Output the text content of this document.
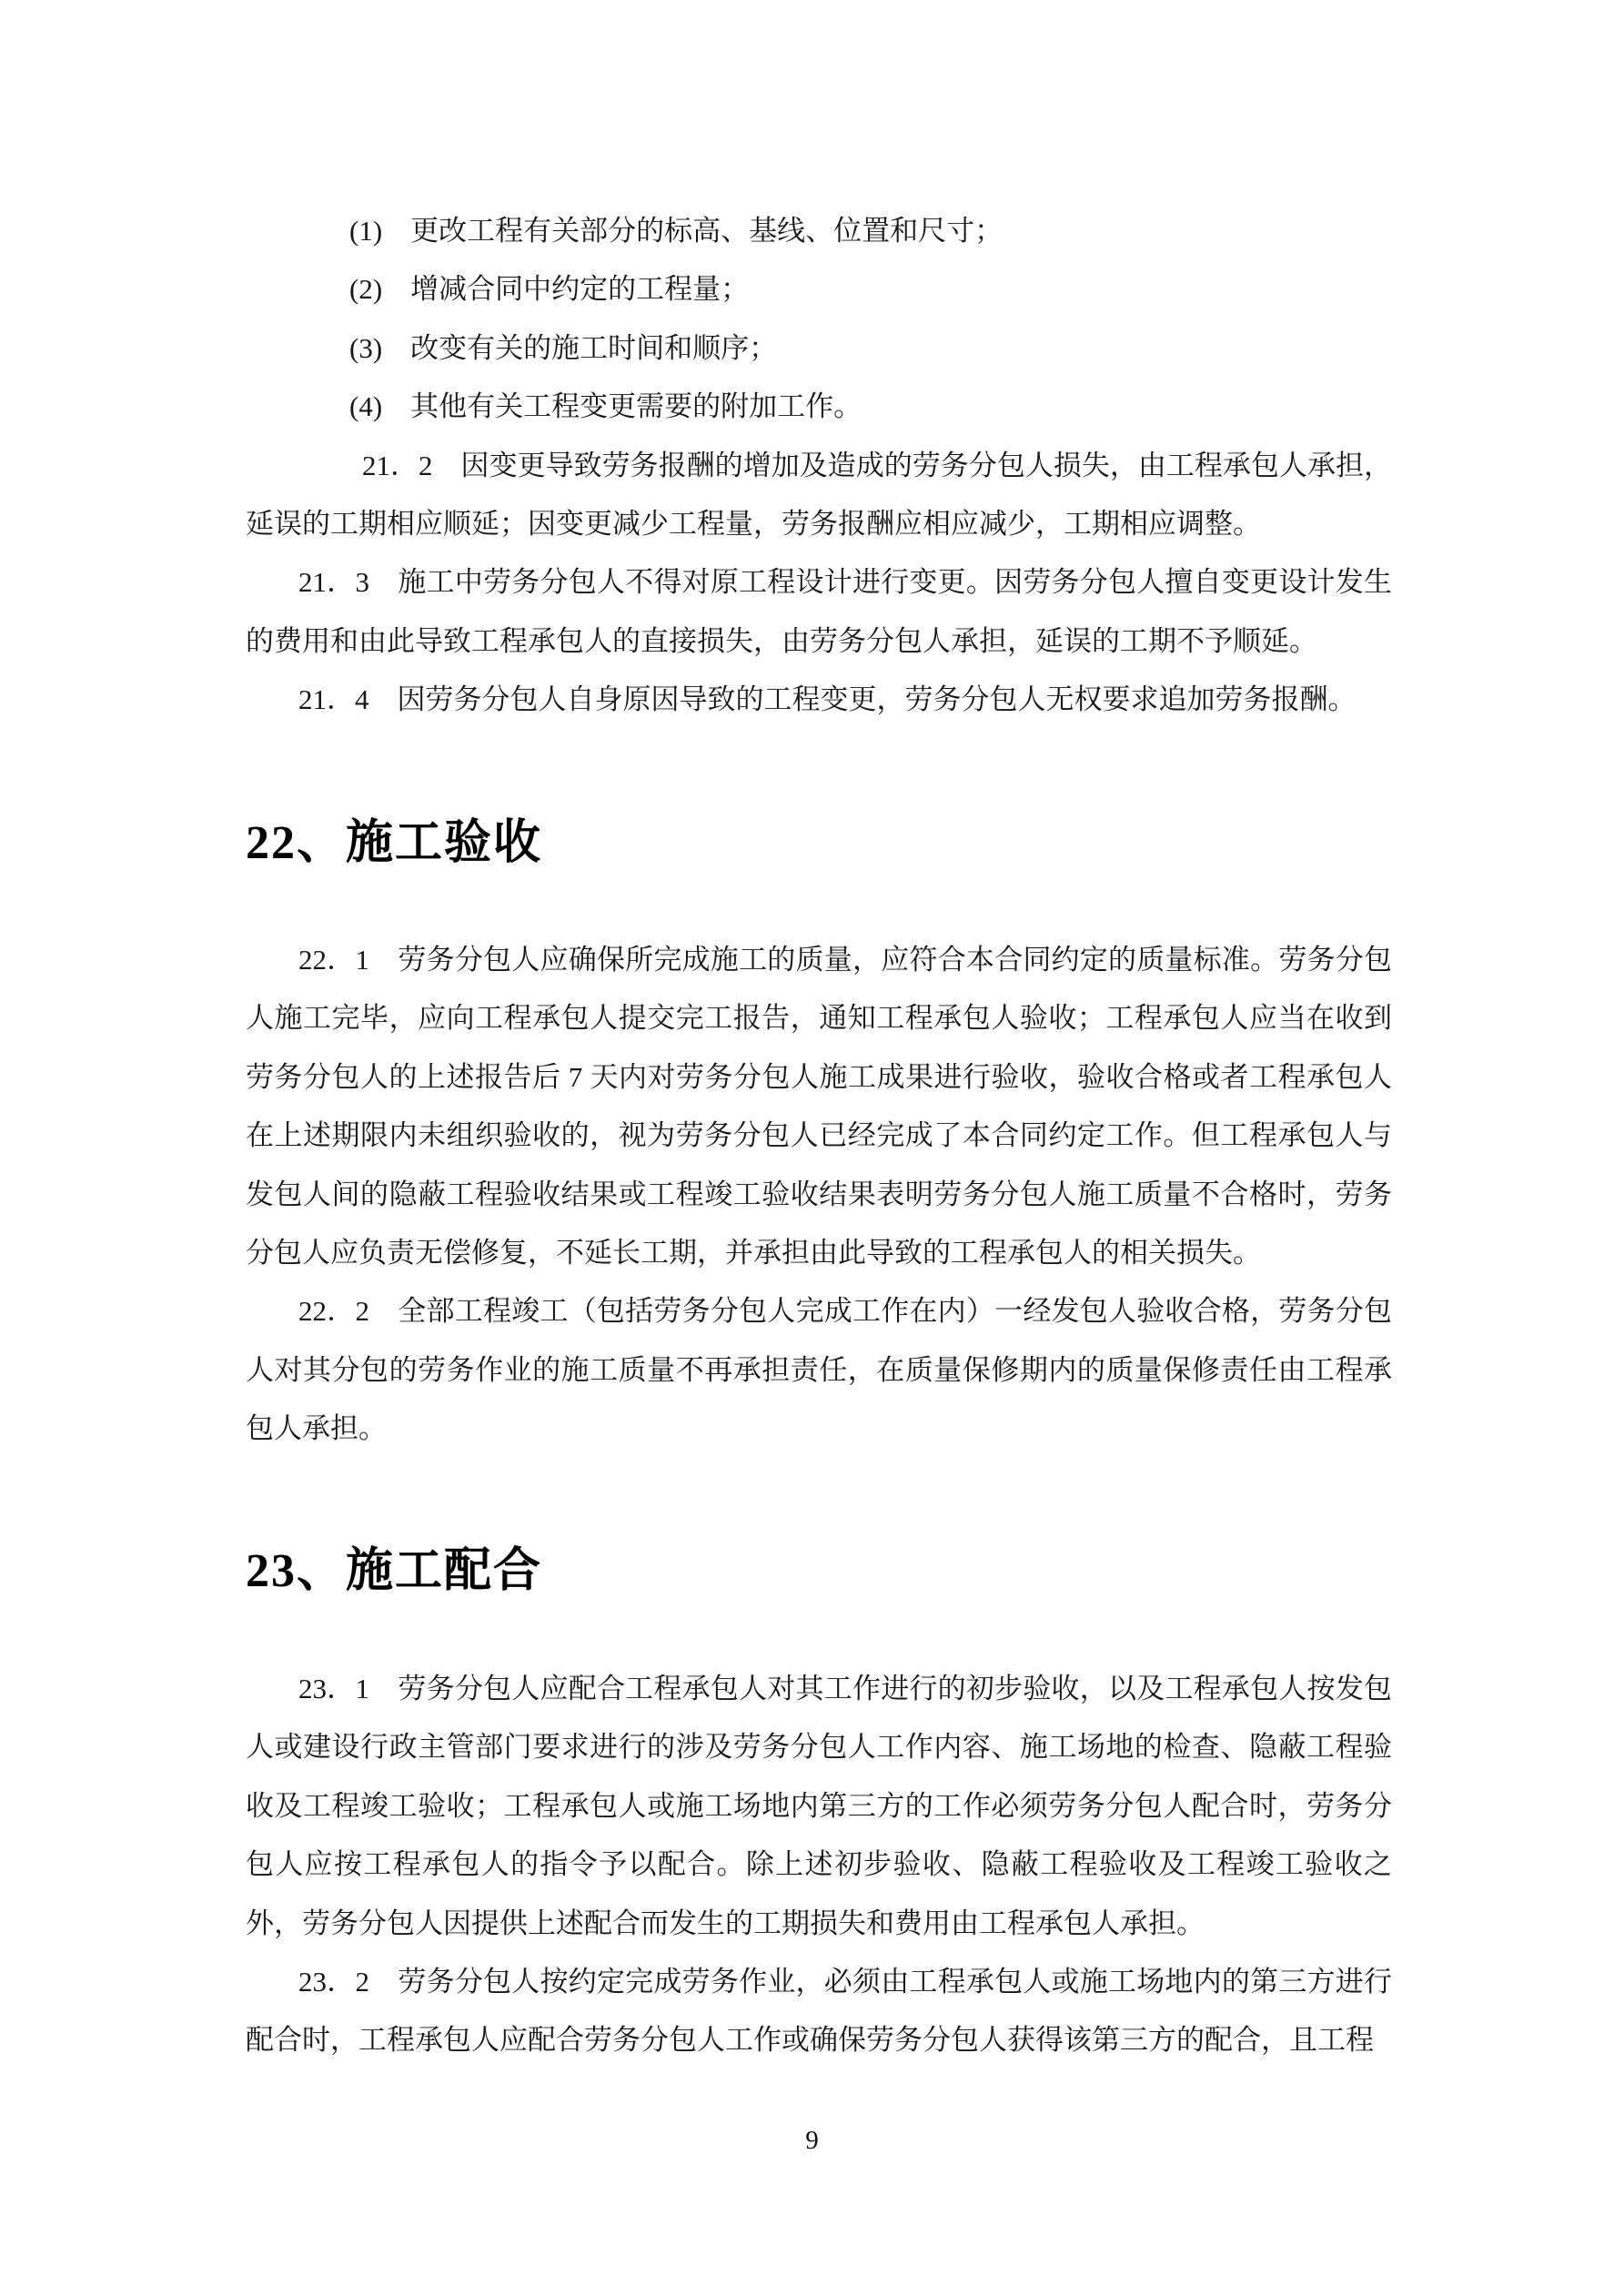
(1)　更改工程有关部分的标高、基线、位置和尺寸；
(2)　增减合同中约定的工程量；
(3)　改变有关的施工时间和顺序；
(4)　其他有关工程变更需要的附加工作。

21．2　因变更导致劳务报酬的增加及造成的劳务分包人损失，由工程承包人承担，延误的工期相应顺延；因变更减少工程量，劳务报酬应相应减少，工期相应调整。

21．3　施工中劳务分包人不得对原工程设计进行变更。因劳务分包人擅自变更设计发生的费用和由此导致工程承包人的直接损失，由劳务分包人承担，延误的工期不予顺延。

21．4　因劳务分包人自身原因导致的工程变更，劳务分包人无权要求追加劳务报酬。

22、施工验收

22．1　劳务分包人应确保所完成施工的质量，应符合本合同约定的质量标准。劳务分包人施工完毕，应向工程承包人提交完工报告，通知工程承包人验收；工程承包人应当在收到劳务分包人的上述报告后 7 天内对劳务分包人施工成果进行验收，验收合格或者工程承包人在上述期限内未组织验收的，视为劳务分包人已经完成了本合同约定工作。但工程承包人与发包人间的隐蔽工程验收结果或工程竣工验收结果表明劳务分包人施工质量不合格时，劳务分包人应负责无偿修复，不延长工期，并承担由此导致的工程承包人的相关损失。

22．2　全部工程竣工（包括劳务分包人完成工作在内）一经发包人验收合格，劳务分包人对其分包的劳务作业的施工质量不再承担责任，在质量保修期内的质量保修责任由工程承包人承担。

23、施工配合

23．1　劳务分包人应配合工程承包人对其工作进行的初步验收，以及工程承包人按发包人或建设行政主管部门要求进行的涉及劳务分包人工作内容、施工场地的检查、隐蔽工程验收及工程竣工验收；工程承包人或施工场地内第三方的工作必须劳务分包人配合时，劳务分包人应按工程承包人的指令予以配合。除上述初步验收、隐蔽工程验收及工程竣工验收之外，劳务分包人因提供上述配合而发生的工期损失和费用由工程承包人承担。

23．2　劳务分包人按约定完成劳务作业，必须由工程承包人或施工场地内的第三方进行配合时，工程承包人应配合劳务分包人工作或确保劳务分包人获得该第三方的配合，且工程

9
